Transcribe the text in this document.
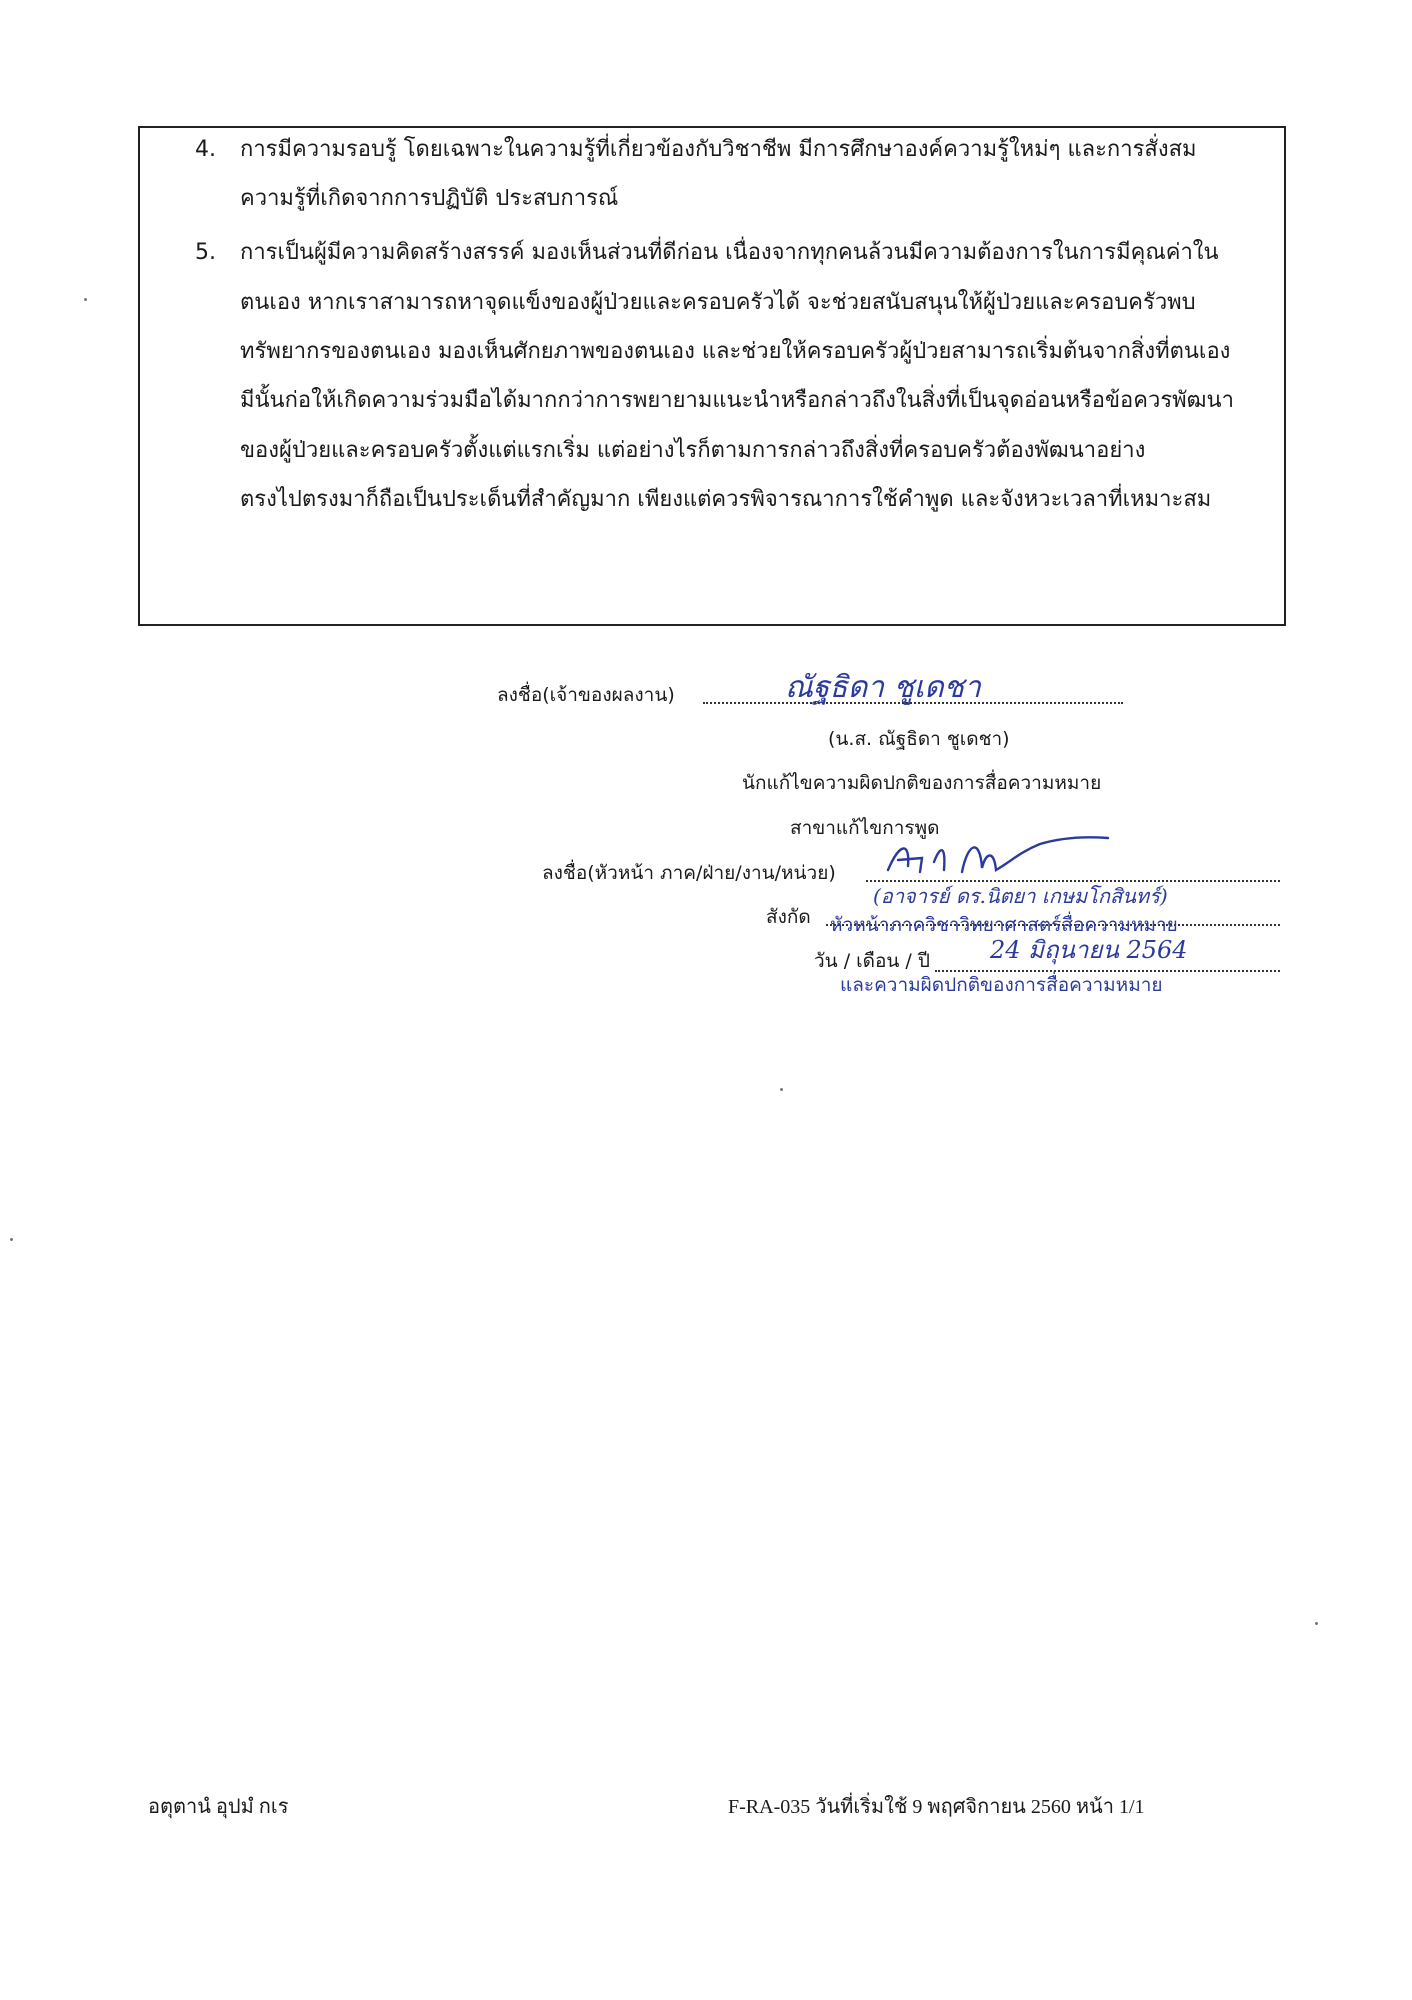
4. การมีความรอบรู้ โดยเฉพาะในความรู้ที่เกี่ยวข้องกับวิชาชีพ มีการศึกษาองค์ความรู้ใหม่ๆ และการสั่งสม
ความรู้ที่เกิดจากการปฏิบัติ ประสบการณ์
5. การเป็นผู้มีความคิดสร้างสรรค์ มองเห็นส่วนที่ดีก่อน เนื่องจากทุกคนล้วนมีความต้องการในการมีคุณค่าใน
ตนเอง หากเราสามารถหาจุดแข็งของผู้ป่วยและครอบครัวได้ จะช่วยสนับสนุนให้ผู้ป่วยและครอบครัวพบ
ทรัพยากรของตนเอง มองเห็นศักยภาพของตนเอง และช่วยให้ครอบครัวผู้ป่วยสามารถเริ่มต้นจากสิ่งที่ตนเอง
มีนั้นก่อให้เกิดความร่วมมือได้มากกว่าการพยายามแนะนำหรือกล่าวถึงในสิ่งที่เป็นจุดอ่อนหรือข้อควรพัฒนา
ของผู้ป่วยและครอบครัวตั้งแต่แรกเริ่ม แต่อย่างไรก็ตามการกล่าวถึงสิ่งที่ครอบครัวต้องพัฒนาอย่าง
ตรงไปตรงมาก็ถือเป็นประเด็นที่สำคัญมาก เพียงแต่ควรพิจารณาการใช้คำพูด และจังหวะเวลาที่เหมาะสม
ลงชื่อ(เจ้าของผลงาน)	ณัฐธิดา ชูเดชา
(น.ส. ณัฐธิดา ชูเดชา)
นักแก้ไขความผิดปกติของการสื่อความหมาย
สาขาแก้ไขการพูด
ลงชื่อ(หัวหน้า ภาค/ฝ่าย/งาน/หน่วย)
(อาจารย์ ดร.นิตยา เกษมโกสินทร์)
สังกัด หัวหน้าภาควิชาวิทยาศาสตร์สื่อความหมาย
วัน / เดือน / ปี	24 มิถุนายน 2564
และความผิดปกติของการสื่อความหมาย
อตุตานํ อุปมํ กเร	F-RA-035 วันที่เริ่มใช้ 9 พฤศจิกายน 2560 หน้า 1/1
